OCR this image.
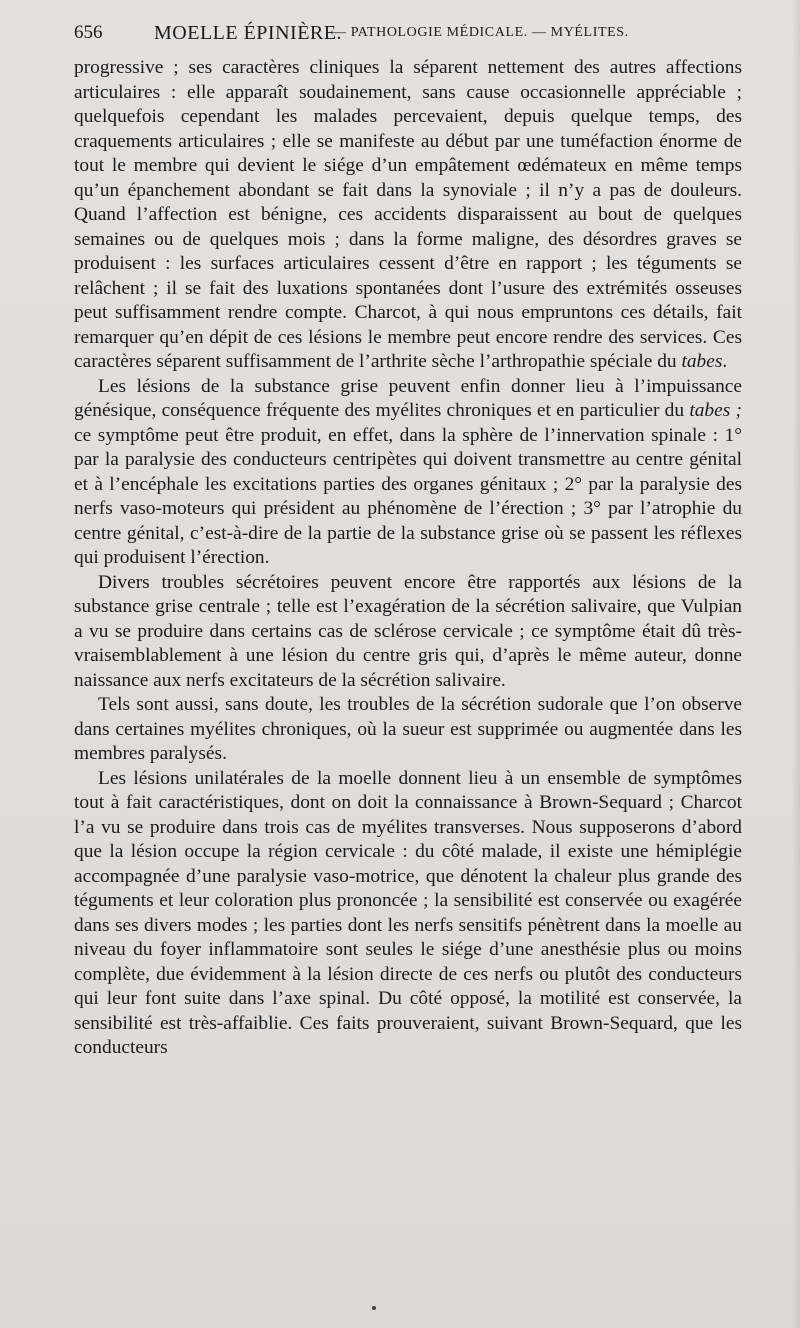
656	MOELLE ÉPINIÈRE.
— PATHOLOGIE MÉDICALE. — MYÉLITES.

progressive ; ses caractères cliniques la séparent nettement des autres affections articulaires : elle apparaît soudainement, sans cause occasionnelle appréciable ; quelquefois cependant les malades percevaient, depuis quelque temps, des craquements articulaires ; elle se manifeste au début par une tuméfaction énorme de tout le membre qui devient le siége d’un empâtement œdémateux en même temps qu’un épanchement abondant se fait dans la synoviale ; il n’y a pas de douleurs. Quand l’affection est bénigne, ces accidents disparaissent au bout de quelques semaines ou de quelques mois ; dans la forme maligne, des désordres graves se produisent : les surfaces articulaires cessent d’être en rapport ; les téguments se relâchent ; il se fait des luxations spontanées dont l’usure des extrémités osseuses peut suffisamment rendre compte. Charcot, à qui nous empruntons ces détails, fait remarquer qu’en dépit de ces lésions le membre peut encore rendre des services. Ces caractères séparent suffisamment de l’arthrite sèche l’arthropathie spéciale du tabes.

Les lésions de la substance grise peuvent enfin donner lieu à l’impuissance génésique, conséquence fréquente des myélites chroniques et en particulier du tabes ; ce symptôme peut être produit, en effet, dans la sphère de l’innervation spinale : 1° par la paralysie des conducteurs centripètes qui doivent transmettre au centre génital et à l’encéphale les excitations parties des organes génitaux ; 2° par la paralysie des nerfs vaso-moteurs qui président au phénomène de l’érection ; 3° par l’atrophie du centre génital, c’est-à-dire de la partie de la substance grise où se passent les réflexes qui produisent l’érection.

Divers troubles sécrétoires peuvent encore être rapportés aux lésions de la substance grise centrale ; telle est l’exagération de la sécrétion salivaire, que Vulpian a vu se produire dans certains cas de sclérose cervicale ; ce symptôme était dû très-vraisemblablement à une lésion du centre gris qui, d’après le même auteur, donne naissance aux nerfs excitateurs de la sécrétion salivaire.

Tels sont aussi, sans doute, les troubles de la sécrétion sudorale que l’on observe dans certaines myélites chroniques, où la sueur est supprimée ou augmentée dans les membres paralysés.

Les lésions unilatérales de la moelle donnent lieu à un ensemble de symptômes tout à fait caractéristiques, dont on doit la connaissance à Brown-Sequard ; Charcot l’a vu se produire dans trois cas de myélites transverses. Nous supposerons d’abord que la lésion occupe la région cervicale : du côté malade, il existe une hémiplégie accompagnée d’une paralysie vaso-motrice, que dénotent la chaleur plus grande des téguments et leur coloration plus prononcée ; la sensibilité est conservée ou exagérée dans ses divers modes ; les parties dont les nerfs sensitifs pénètrent dans la moelle au niveau du foyer inflammatoire sont seules le siége d’une anesthésie plus ou moins complète, due évidemment à la lésion directe de ces nerfs ou plutôt des conducteurs qui leur font suite dans l’axe spinal. Du côté opposé, la motilité est conservée, la sensibilité est très-affaiblie. Ces faits prouveraient, suivant Brown-Sequard, que les conducteurs
